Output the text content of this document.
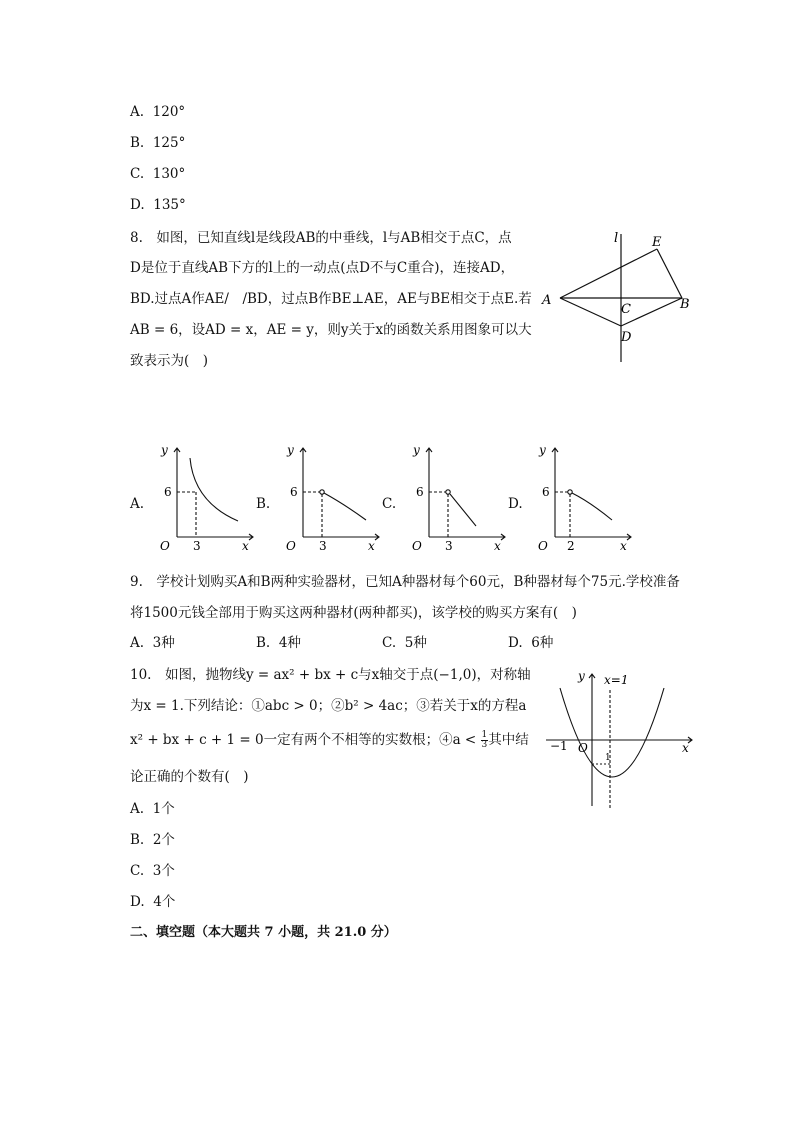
A. 120°
B. 125°
C. 130°
D. 135°
8.　如图，已知直线l是线段AB的中垂线，l与AB相交于点C，点
D是位于直线AB下方的l上的一动点(点D不与C重合)，连接AD，
BD.过点A作AE/　/BD，过点B作BE⊥AE，AE与BE相交于点E.若
AB = 6，设AD = x，AE = y，则y关于x的函数关系用图象可以大
致表示为(　)
l	E
A
C	B
D
A.
y
x
O
6
3
B.
y
x
O
6
3
C.
y
x
O
6
3
D.
y
x
O
6
2
9.　学校计划购买A和B两种实验器材，已知A种器材每个60元，B种器材每个75元.学校准备
将1500元钱全部用于购买这两种器材(两种都买)，该学校的购买方案有(　)
A. 3种	B. 4种	C. 5种	D. 6种
10.　如图，抛物线y = ax² + bx + c与x轴交于点(−1,0)，对称轴
为x = 1.下列结论：①abc > 0；②b² > 4ac；③若关于x的方程a
x² + bx + c + 1 = 0一定有两个不相等的实数根；④a < $\frac{1}{3}$ 其中结
论正确的个数有(　)
y x=1
−1 O	x
1
A. 1个
B. 2个
C. 3个
D. 4个
二、填空题（本大题共 7 小题，共 21.0 分）
